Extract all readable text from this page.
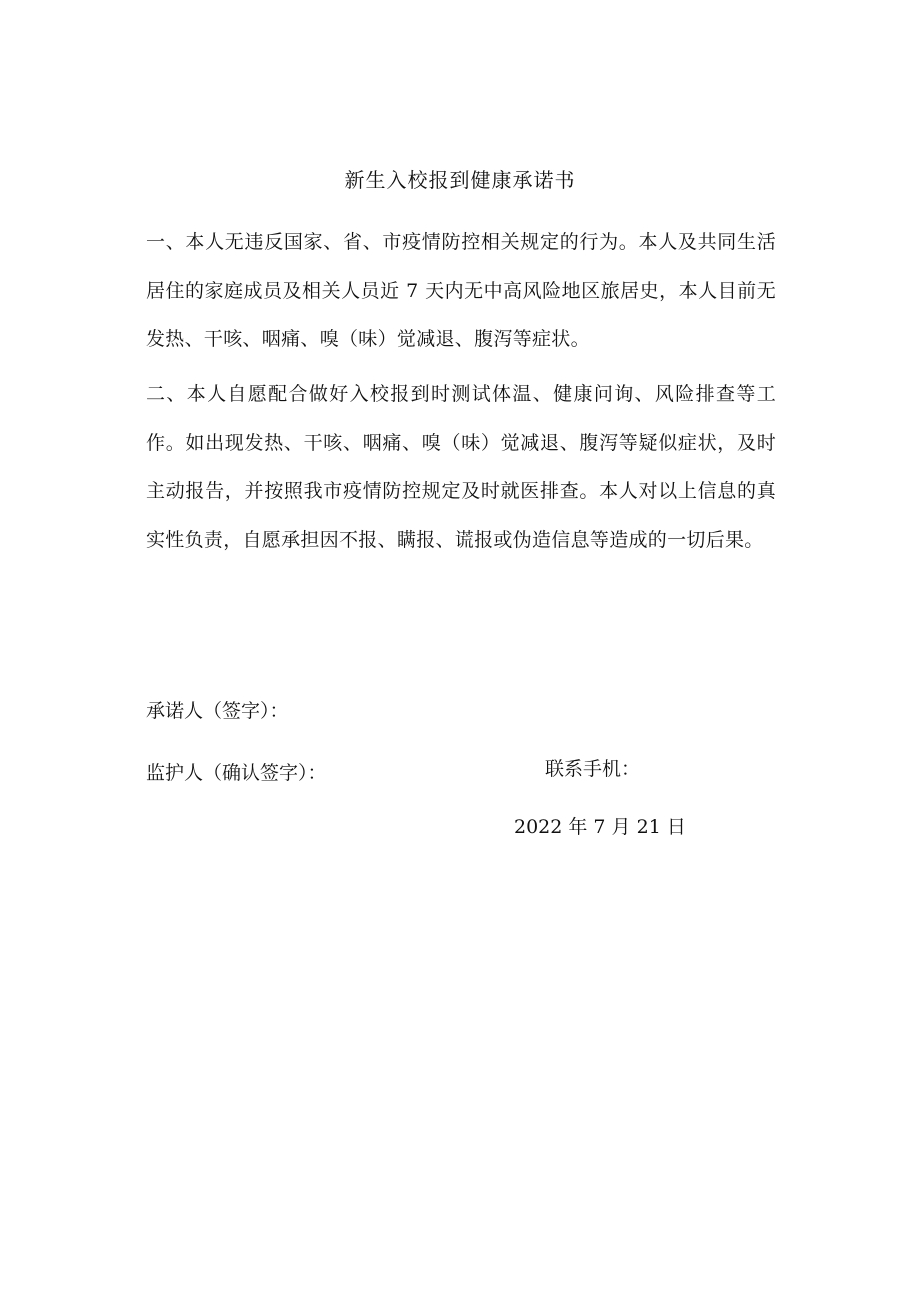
新生入校报到健康承诺书
一、本人无违反国家、省、市疫情防控相关规定的行为。本人及共同生活居住的家庭成员及相关人员近 7 天内无中高风险地区旅居史，本人目前无发热、干咳、咽痛、嗅（味）觉减退、腹泻等症状。
二、本人自愿配合做好入校报到时测试体温、健康问询、风险排查等工作。如出现发热、干咳、咽痛、嗅（味）觉减退、腹泻等疑似症状，及时主动报告，并按照我市疫情防控规定及时就医排查。本人对以上信息的真实性负责，自愿承担因不报、瞒报、谎报或伪造信息等造成的一切后果。
承诺人（签字）：
监护人（确认签字）：	联系手机：
2022 年 7 月 21 日
